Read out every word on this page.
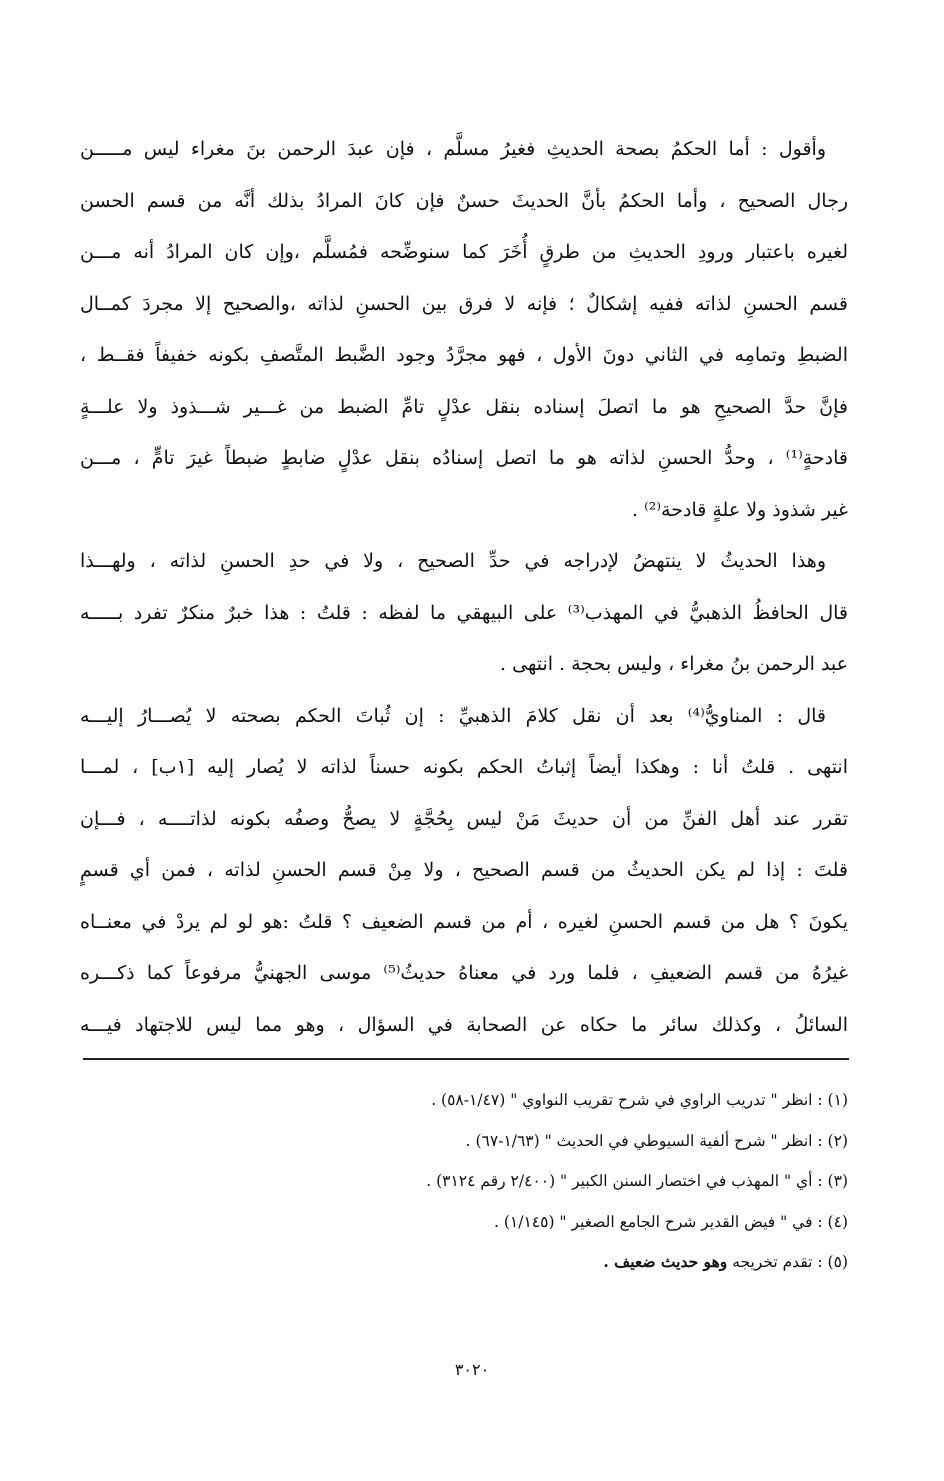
وأقول : أما الحكمُ بصحة الحديثِ فغيرُ مسلَّم ، فإن عبدَ الرحمن بنَ مغراء ليس مـــــن
رجال الصحيح ، وأما الحكمُ بأنَّ الحديثَ حسنٌ فإن كانَ المرادُ بذلك أنَّه من قسم الحسن
لغيره باعتبار ورودِ الحديثِ من طرقٍ أُخَرَ كما سنوضِّحه فمُسلَّم ،وإن كان المرادُ أنه مـــن
قسم الحسنِ لذاته ففيه إشكالٌ ؛ فإنه لا فرق بين الحسنِ لذاته ،والصحيح إلا مجردَ كمــال
الضبطِ وتمامِه في الثاني دونَ الأول ، فهو مجرَّدُ وجود الضَّبط المتَّصفِ بكونه خفيفاً فقــط ،
فإنَّ حدَّ الصحيحِ هو ما اتصلَ إسناده بنقل عدْلٍ تامِّ الضبط من غـــير شـــذوذ ولا علـــةٍ
قادحةٍ⁽¹⁾ ، وحدُّ الحسنِ لذاته هو ما اتصل إسنادُه بنقل عدْلٍ ضابطٍ ضبطاً غيرَ تامٍّ ، مـــن
غير شذوذ ولا علةٍ قادحة⁽²⁾ .
وهذا الحديثُ لا ينتهضُ لإدراجه في حدِّ الصحيح ، ولا في حدِ الحسنِ لذاته ، ولهـــذا
قال الحافظُ الذهبيُّ في المهذب⁽³⁾ على البيهقي ما لفظه : قلتُ : هذا خبرٌ منكرٌ تفرد بـــــه
عبد الرحمن بنُ مغراء ، وليس بحجة . انتهى .
قال : المناويُّ⁽⁴⁾ بعد أن نقل كلامَ الذهبيِّ : إن ثُباتَ الحكم بصحته لا يُصـــارُ إليـــه
انتهى . قلتُ أنا : وهكذا أيضاً إثباتُ الحكم بكونه حسناً لذاته لا يُصار إليه [١ب] ، لمـــا
تقرر عند أهل الفنِّ من أن حديثَ مَنْ ليس بِحُجَّةٍ لا يصحُّ وصفُه بكونه لذاتــــه ، فـــإن
قلتَ : إذا لم يكن الحديثُ من قسم الصحيح ، ولا مِنْ قسم الحسنِ لذاته ، فمن أي قسمٍ
يكونَ ؟ هل من قسم الحسنِ لغيره ، أم من قسم الضعيف ؟ قلتُ :هو لو لم يردْ في معنــاه
غيرُهُ من قسم الضعيفِ ، فلما ورد في معناهُ حديثُ⁽⁵⁾ موسى الجهنيُّ مرفوعاً كما ذكـــره
السائلُ ، وكذلك سائر ما حكاه عن الصحابة في السؤال ، وهو مما ليس للاجتهاد فيـــه
(١) : انظر " تدريب الراوي في شرح تقريب النواوي " (١/٤٧-٥٨) .
(٢) : انظر " شرح ألفية السيوطي في الحديث " (١/٦٣-٦٧) .
(٣) : أي " المهذب في اختصار السنن الكبير " (٢/٤٠٠ رقم ٣١٢٤) .
(٤) : في " فيض القدير شرح الجامع الصغير " (١/١٤٥) .
(٥) : تقدم تخريجه وهو حديث ضعيف .
٣٠٢٠
